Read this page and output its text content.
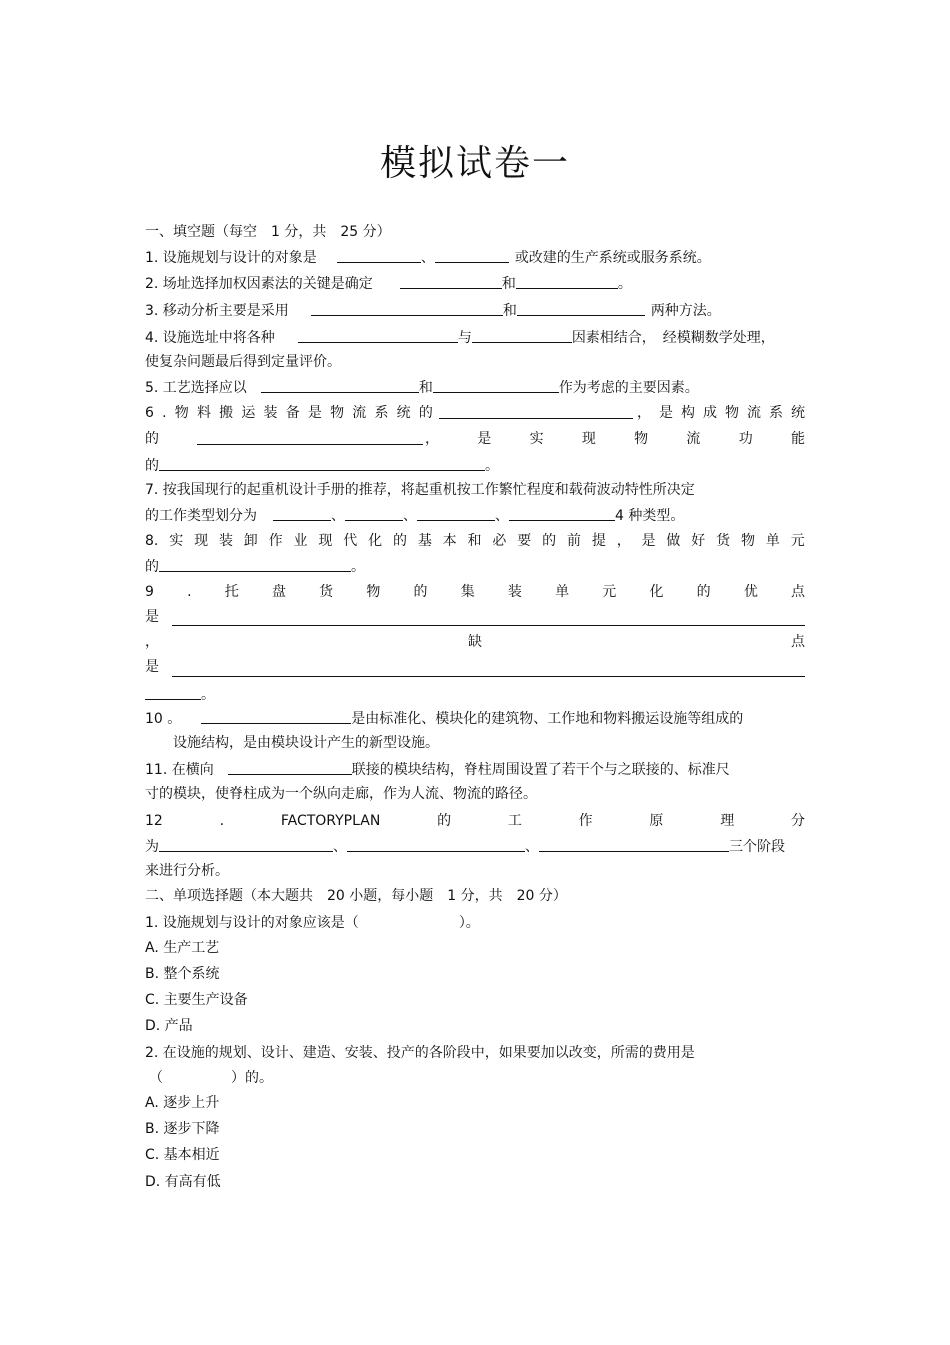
模拟试卷一
一、填空题（每空　1 分，共　25 分）
1. 设施规划与设计的对象是	、	或改建的生产系统或服务系统。
2. 场址选择加权因素法的关键是确定	和	。
3. 移动分析主要是采用	和	两种方法。
4. 设施选址中将各种	与	因素相结合，　经模糊数学处理，
使复杂问题最后得到定量评价。
5. 工艺选择应以	和	作为考虑的主要因素。
6 . 物 料 搬 运 装 备 是 物 流 系 统 的	， 是 构 成 物 流 系 统
的	，	是	实	现	物	流	功	能
的	。
7. 按我国现行的起重机设计手册的推荐，将起重机按工作繁忙程度和载荷波动特性所决定
的工作类型划分为	、	、	、	4 种类型。
8. 实 现 装 卸 作 业 现 代 化 的 基 本 和 必 要 的 前 提 ， 是 做 好 货 物 单 元
的	。
9 . 托 盘 货 物 的 集 装 单 元 化 的 优 点
是
，	缺	点
是
。
10 。	是由标准化、模块化的建筑物、工作地和物料搬运设施等组成的
设施结构，是由模块设计产生的新型设施。
11. 在横向	联接的模块结构，脊柱周围设置了若干个与之联接的、标准尺
寸的模块，使脊柱成为一个纵向走廊，作为人流、物流的路径。
12	.	FACTORYPLAN	的	工	作	原	理	分
为	、	、	三个阶段
来进行分析。
二、单项选择题（本大题共　20 小题，每小题　1 分，共　20 分）
1. 设施规划与设计的对象应该是（	）。
A. 生产工艺
B. 整个系统
C. 主要生产设备
D. 产品
2. 在设施的规划、设计、建造、安装、投产的各阶段中，如果要加以改变，所需的费用是
（	）的。
A. 逐步上升
B. 逐步下降
C. 基本相近
D. 有高有低
